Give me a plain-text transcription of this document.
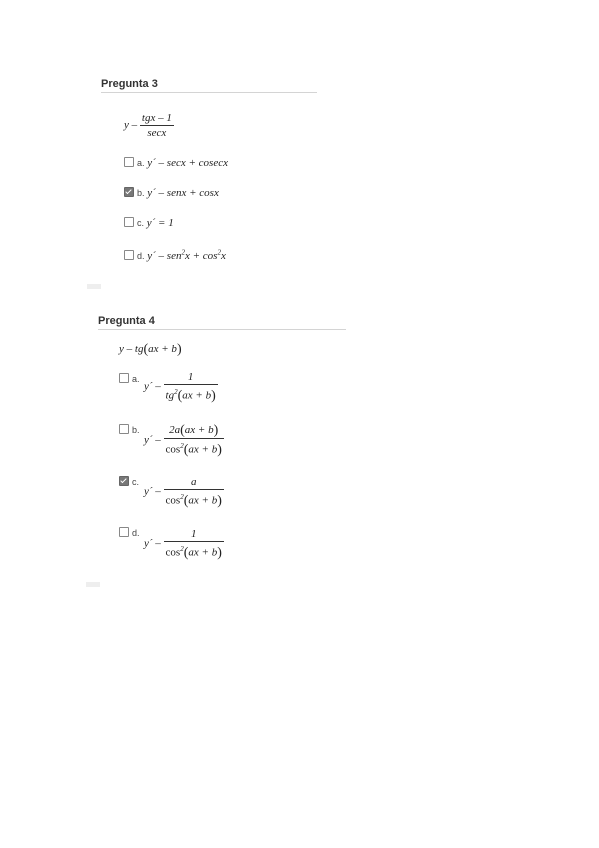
Pregunta 3
y – $\frac{\text{tgx – 1}}{\sec x}$
a. y´ – secx + cosecx
b. y´ – senx + cosx
c. y´ = 1
d. y´ – $sen^2x + \cos^2x$
Pregunta 4
y – tg(ax + b)
a.
y´ – $\frac{1}{tg^2(ax + b)}$
b.
y´ – $\frac{2a(ax + b)}{\cos^2(ax + b)}$
c.
y´ – $\frac{a}{\cos^2(ax + b)}$
d.
y´ – $\frac{1}{\cos^2(ax + b)}$
